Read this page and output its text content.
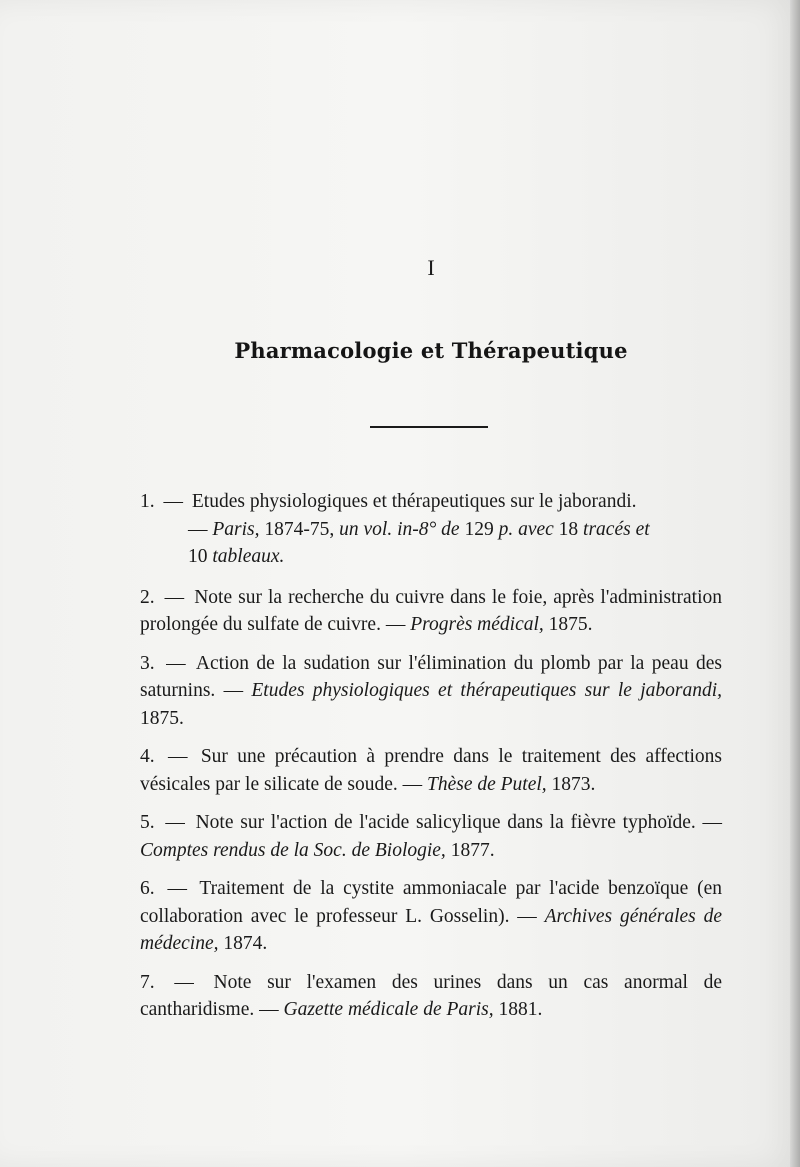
I
Pharmacologie et Thérapeutique

1. — Etudes physiologiques et thérapeutiques sur le jaborandi.
— Paris, 1874-75, un vol. in-8° de 129 p. avec 18 tracés et
10 tableaux.

2. — Note sur la recherche du cuivre dans le foie, après l'administration prolongée du sulfate de cuivre. — Progrès médical, 1875.

3. — Action de la sudation sur l'élimination du plomb par la peau des saturnins. — Etudes physiologiques et thérapeutiques sur le jaborandi, 1875.

4. — Sur une précaution à prendre dans le traitement des affections vésicales par le silicate de soude. — Thèse de Putel, 1873.

5. — Note sur l'action de l'acide salicylique dans la fièvre typhoïde. — Comptes rendus de la Soc. de Biologie, 1877.

6. — Traitement de la cystite ammoniacale par l'acide benzoïque (en collaboration avec le professeur L. Gosselin). — Archives générales de médecine, 1874.

7. — Note sur l'examen des urines dans un cas anormal de cantharidisme. — Gazette médicale de Paris, 1881.
